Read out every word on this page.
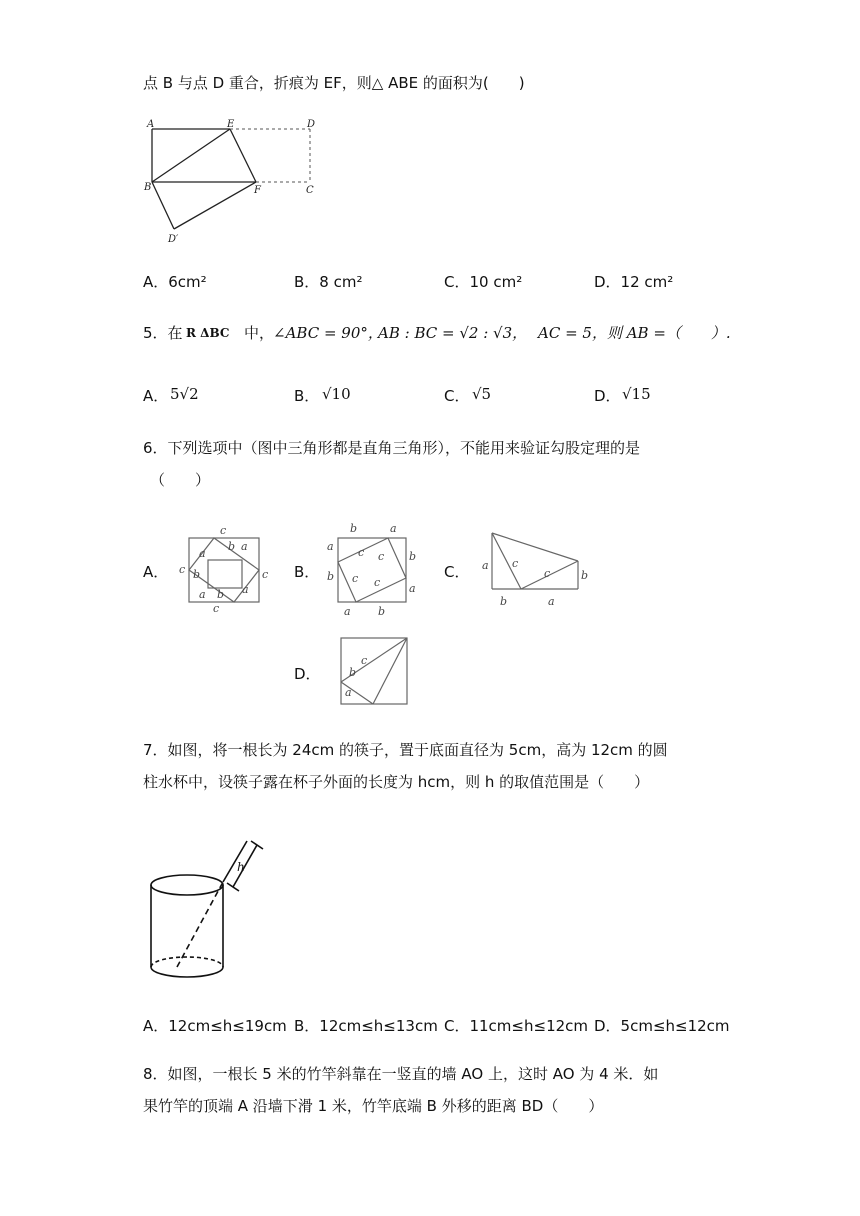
点 B 与点 D 重合，折痕为 EF，则△ ABE 的面积为(　　)
A	E	D
B	F	C
D′
A．6cm²	B．8 cm²	C．10 cm²	D．12 cm²
5．在 R ΔBC 中，
∠ABC = 90°，
AB : BC = √2 : √3， AC = 5，则 AB =（　　）.
A． 5√2	B． √10	C． √5	D． √15
6．下列选项中（图中三角形都是直角三角形），不能用来验证勾股定理的是
（　　）
A．
c
c	c
c
a
b a
b
a b a
B．
b	a
a
b
b
a
a b
c c
c c
C． a
b	a
b
c
c
D．
a
c
b
7．如图，将一根长为 24cm 的筷子，置于底面直径为 5cm，高为 12cm 的圆
柱水杯中，设筷子露在杯子外面的长度为 hcm，则 h 的取值范围是（　　）
h
A．12cm≤h≤19cm B．12cm≤h≤13cm C．11cm≤h≤12cm D．5cm≤h≤12cm
8．如图，一根长 5 米的竹竿斜靠在一竖直的墙 AO 上，这时 AO 为 4 米．如
果竹竿的顶端 A 沿墙下滑 1 米，竹竿底端 B 外移的距离 BD（　　）
